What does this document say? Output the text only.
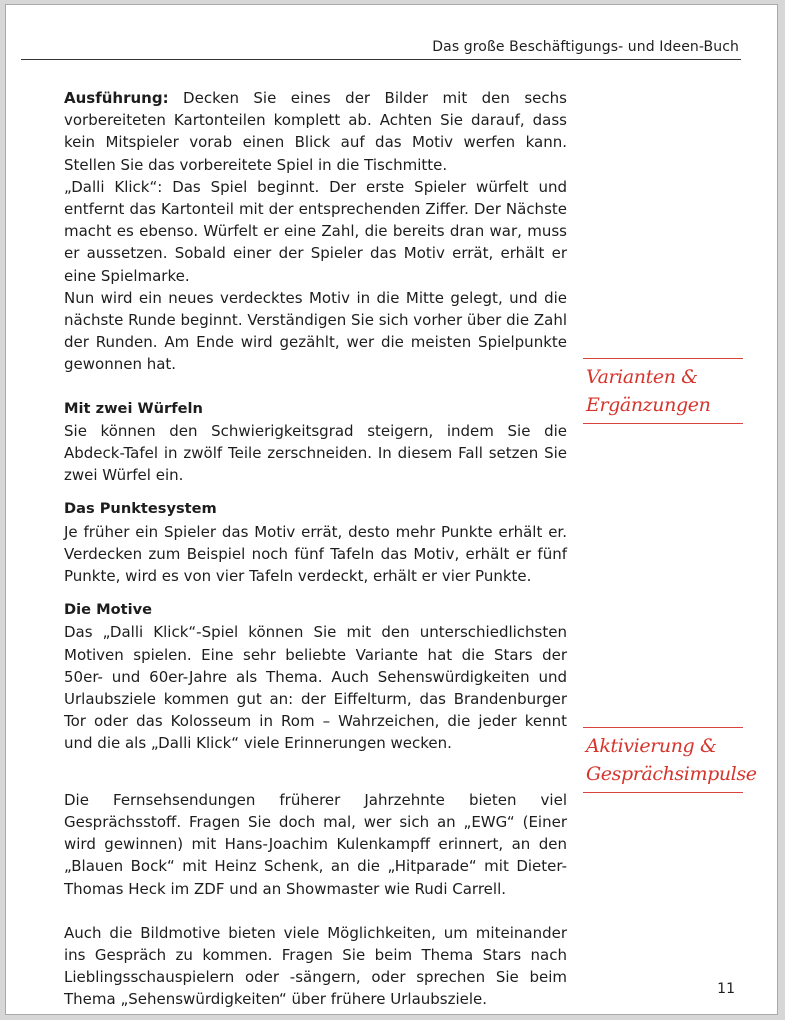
Das große Beschäftigungs- und Ideen-Buch

Ausführung: Decken Sie eines der Bilder mit den sechs vorbereiteten Kartonteilen komplett ab. Achten Sie darauf, dass kein Mitspieler vorab einen Blick auf das Motiv werfen kann. Stellen Sie das vorbereitete Spiel in die Tischmitte.

„Dalli Klick“: Das Spiel beginnt. Der erste Spieler würfelt und entfernt das Kartonteil mit der entsprechenden Ziffer. Der Nächste macht es ebenso. Würfelt er eine Zahl, die bereits dran war, muss er aussetzen. Sobald einer der Spieler das Motiv errät, erhält er eine Spielmarke.

Nun wird ein neues verdecktes Motiv in die Mitte gelegt, und die nächste Runde beginnt. Verständigen Sie sich vorher über die Zahl der Runden. Am Ende wird gezählt, wer die meisten Spielpunkte gewonnen hat.

Mit zwei Würfeln

Sie können den Schwierigkeitsgrad steigern, indem Sie die Abdeck-Tafel in zwölf Teile zerschneiden. In diesem Fall setzen Sie zwei Würfel ein.

Das Punktesystem

Je früher ein Spieler das Motiv errät, desto mehr Punkte erhält er. Verdecken zum Beispiel noch fünf Tafeln das Motiv, erhält er fünf Punkte, wird es von vier Tafeln verdeckt, erhält er vier Punkte.

Die Motive

Das „Dalli Klick“-Spiel können Sie mit den unterschiedlichsten Motiven spielen. Eine sehr beliebte Variante hat die Stars der 50er- und 60er-Jahre als Thema. Auch Sehenswürdigkeiten und Urlaubsziele kommen gut an: der Eiffelturm, das Brandenburger Tor oder das Kolosseum in Rom – Wahrzeichen, die jeder kennt und die als „Dalli Klick“ viele Erinnerungen wecken.

Die Fernsehsendungen früherer Jahrzehnte bieten viel Gesprächsstoff. Fragen Sie doch mal, wer sich an „EWG“ (Einer wird gewinnen) mit Hans-Joachim Kulenkampff erinnert, an den „Blauen Bock“ mit Heinz Schenk, an die „Hitparade“ mit Dieter-Thomas Heck im ZDF und an Showmaster wie Rudi Carrell.

Auch die Bildmotive bieten viele Möglichkeiten, um miteinander ins Gespräch zu kommen. Fragen Sie beim Thema Stars nach Lieblingsschauspielern oder -sängern, oder sprechen Sie beim Thema „Sehenswürdigkeiten“ über frühere Urlaubsziele.

Varianten &
Ergänzungen
Aktivierung &
Gesprächsimpulse
11
